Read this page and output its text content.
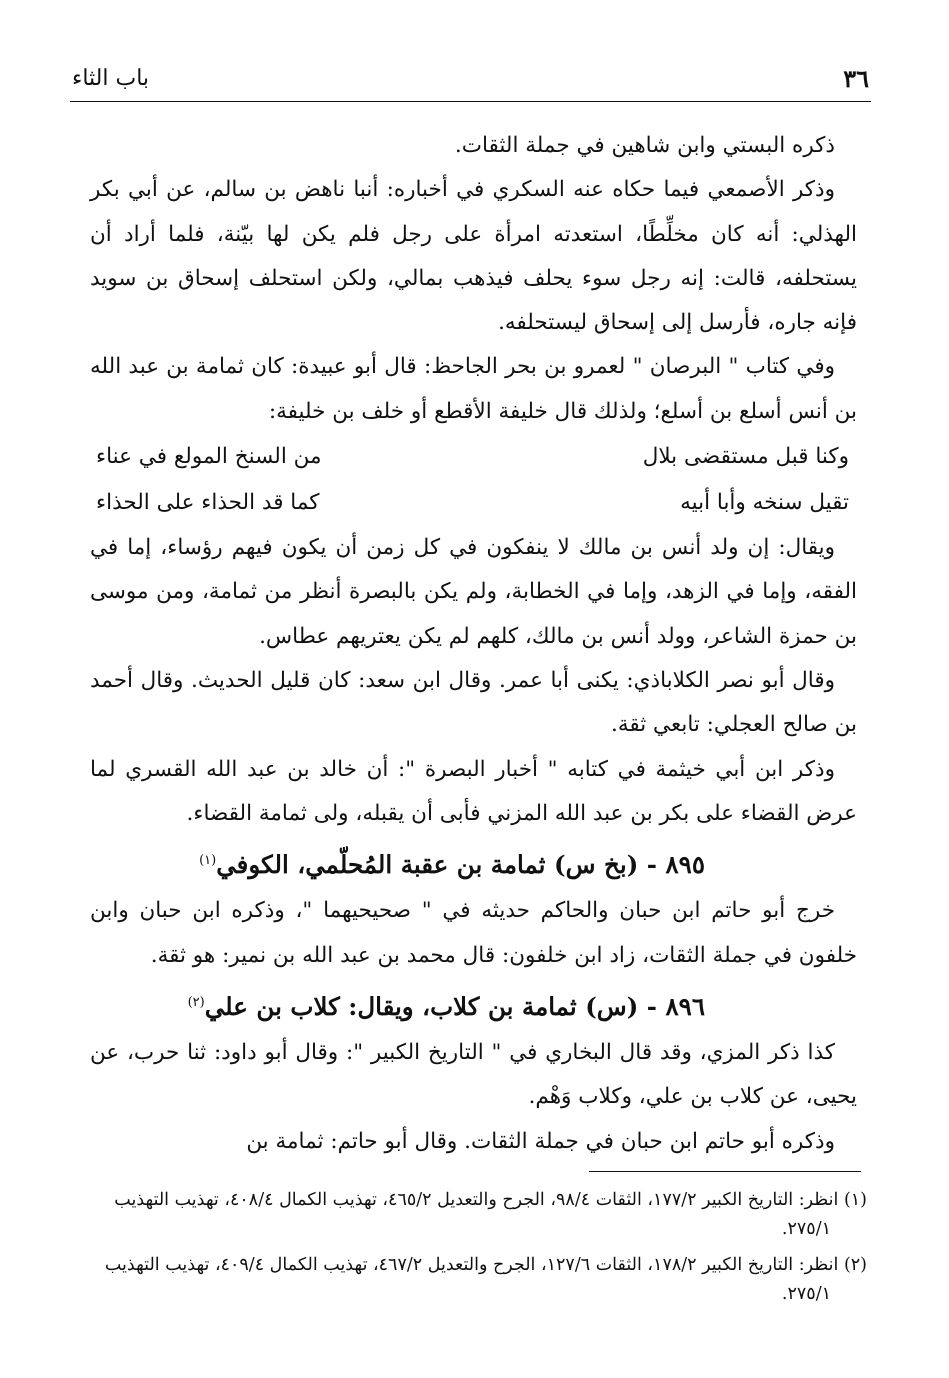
٣٦
باب الثاء

ذكره البستي وابن شاهين في جملة الثقات.

وذكر الأصمعي فيما حكاه عنه السكري في أخباره: أنبا ناهض بن سالم، عن أبي بكر الهذلي: أنه كان مخلِّطًا، استعدته امرأة على رجل فلم يكن لها بيّنة، فلما أراد أن يستحلفه، قالت: إنه رجل سوء يحلف فيذهب بمالي، ولكن استحلف إسحاق بن سويد فإنه جاره، فأرسل إلى إسحاق ليستحلفه.

وفي كتاب " البرصان " لعمرو بن بحر الجاحظ: قال أبو عبيدة: كان ثمامة بن عبد الله بن أنس أسلع بن أسلع؛ ولذلك قال خليفة الأقطع أو خلف بن خليفة:

وكنا قبل مستقضى بلال
من السنخ المولع في عناء
تقيل سنخه وأبا أبيه
كما قد الحذاء على الحذاء

ويقال: إن ولد أنس بن مالك لا ينفكون في كل زمن أن يكون فيهم رؤساء، إما في الفقه، وإما في الزهد، وإما في الخطابة، ولم يكن بالبصرة أنظر من ثمامة، ومن موسى بن حمزة الشاعر، وولد أنس بن مالك، كلهم لم يكن يعتريهم عطاس.

وقال أبو نصر الكلاباذي: يكنى أبا عمر. وقال ابن سعد: كان قليل الحديث. وقال أحمد بن صالح العجلي: تابعي ثقة.

وذكر ابن أبي خيثمة في كتابه " أخبار البصرة ": أن خالد بن عبد الله القسري لما عرض القضاء على بكر بن عبد الله المزني فأبى أن يقبله، ولى ثمامة القضاء.

٨٩٥ - (بخ س) ثمامة بن عقبة المُحلّمي، الكوفي$^{(١)}$

خرج أبو حاتم ابن حبان والحاكم حديثه في " صحيحيهما "، وذكره ابن حبان وابن خلفون في جملة الثقات، زاد ابن خلفون: قال محمد بن عبد الله بن نمير: هو ثقة.

٨٩٦ - (س) ثمامة بن كلاب، ويقال: كلاب بن علي$^{(٢)}$

كذا ذكر المزي، وقد قال البخاري في " التاريخ الكبير ": وقال أبو داود: ثنا حرب، عن يحيى، عن كلاب بن علي، وكلاب وَهْم.

وذكره أبو حاتم ابن حبان في جملة الثقات. وقال أبو حاتم: ثمامة بن

(١) انظر: التاريخ الكبير ١٧٧/٢، الثقات ٩٨/٤، الجرح والتعديل ٤٦٥/٢، تهذيب الكمال ٤٠٨/٤، تهذيب التهذيب ٢٧٥/١.

(٢) انظر: التاريخ الكبير ١٧٨/٢، الثقات ١٢٧/٦، الجرح والتعديل ٤٦٧/٢، تهذيب الكمال ٤٠٩/٤، تهذيب التهذيب ٢٧٥/١.
